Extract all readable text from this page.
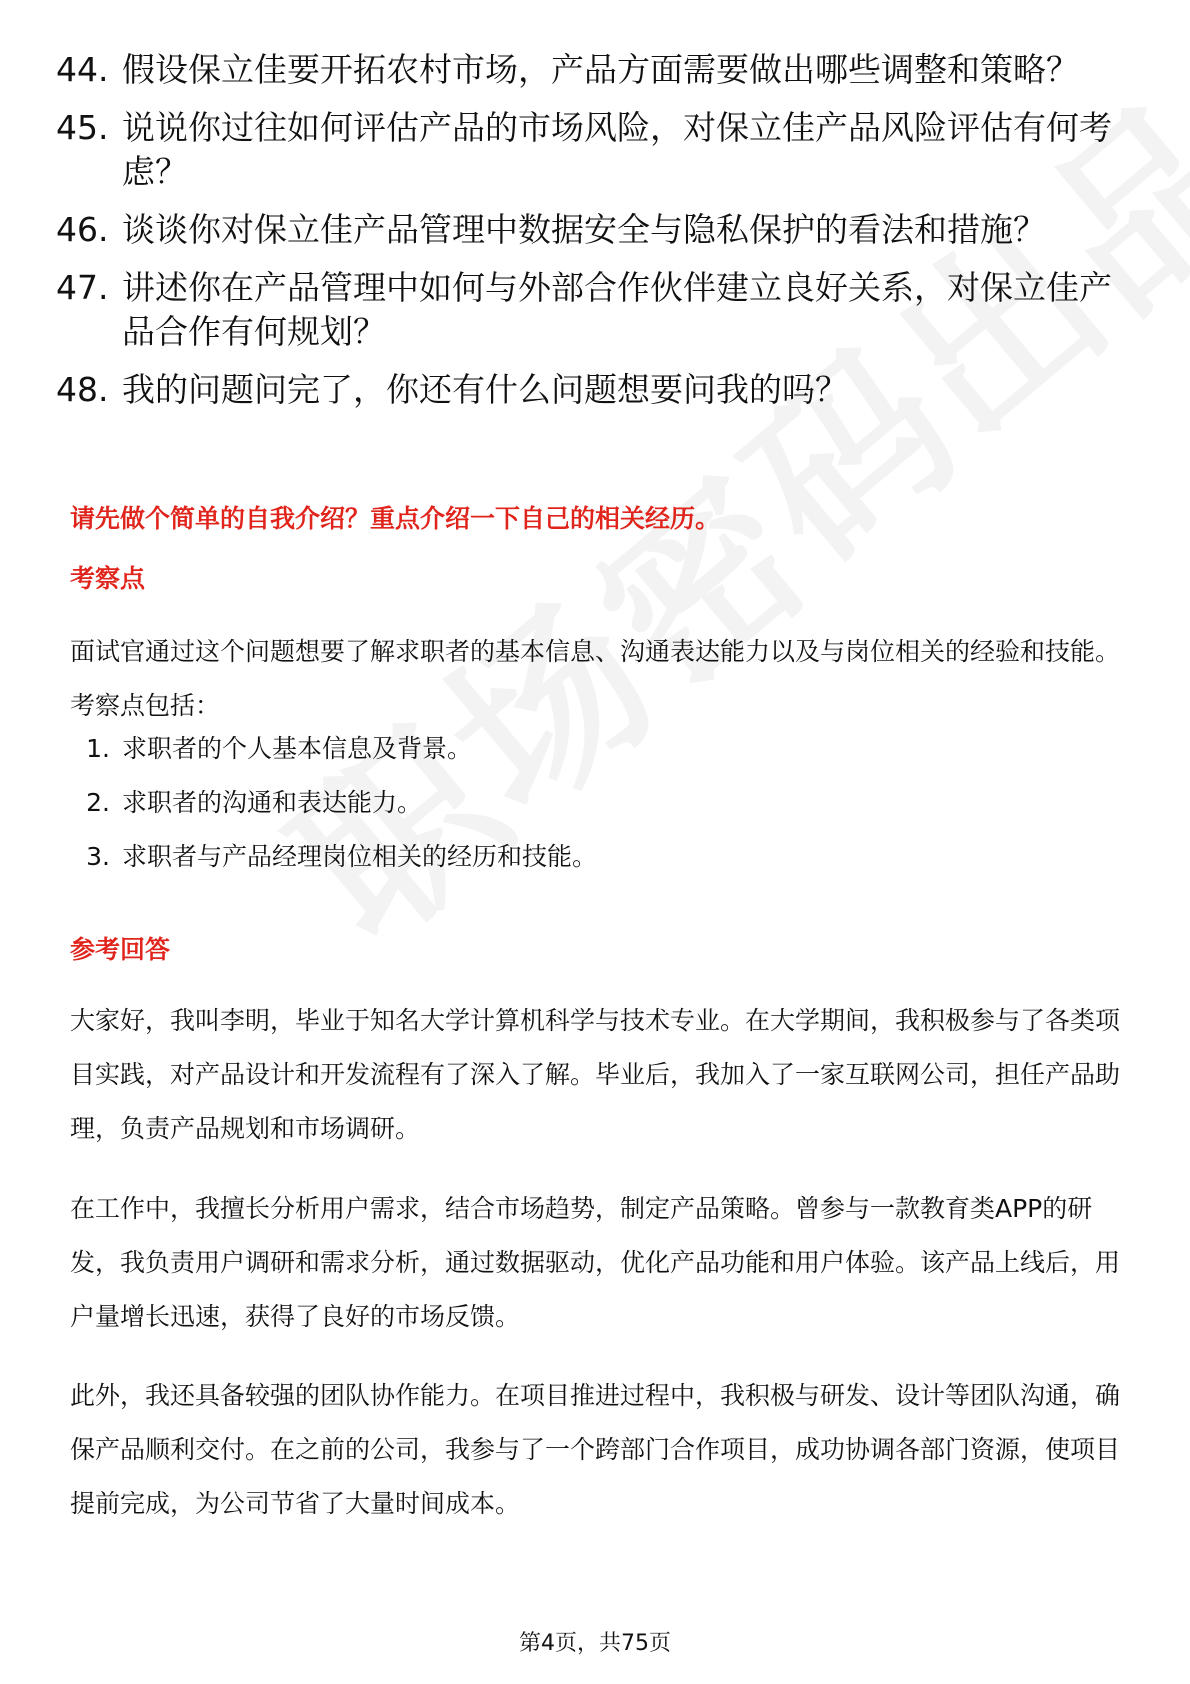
44. 假设保立佳要开拓农村市场，产品方面需要做出哪些调整和策略？
45. 说说你过往如何评估产品的市场风险，对保立佳产品风险评估有何考虑？
46. 谈谈你对保立佳产品管理中数据安全与隐私保护的看法和措施？
47. 讲述你在产品管理中如何与外部合作伙伴建立良好关系，对保立佳产品合作有何规划？
48. 我的问题问完了，你还有什么问题想要问我的吗？
请先做个简单的自我介绍？重点介绍一下自己的相关经历。
考察点

面试官通过这个问题想要了解求职者的基本信息、沟通表达能力以及与岗位相关的经验和技能。考察点包括：

1. 求职者的个人基本信息及背景。
2. 求职者的沟通和表达能力。
3. 求职者与产品经理岗位相关的经历和技能。
参考回答

大家好，我叫李明，毕业于知名大学计算机科学与技术专业。在大学期间，我积极参与了各类项目实践，对产品设计和开发流程有了深入了解。毕业后，我加入了一家互联网公司，担任产品助理，负责产品规划和市场调研。

在工作中，我擅长分析用户需求，结合市场趋势，制定产品策略。曾参与一款教育类APP的研发，我负责用户调研和需求分析，通过数据驱动，优化产品功能和用户体验。该产品上线后，用户量增长迅速，获得了良好的市场反馈。

此外，我还具备较强的团队协作能力。在项目推进过程中，我积极与研发、设计等团队沟通，确保产品顺利交付。在之前的公司，我参与了一个跨部门合作项目，成功协调各部门资源，使项目提前完成，为公司节省了大量时间成本。

第4页，共75页
